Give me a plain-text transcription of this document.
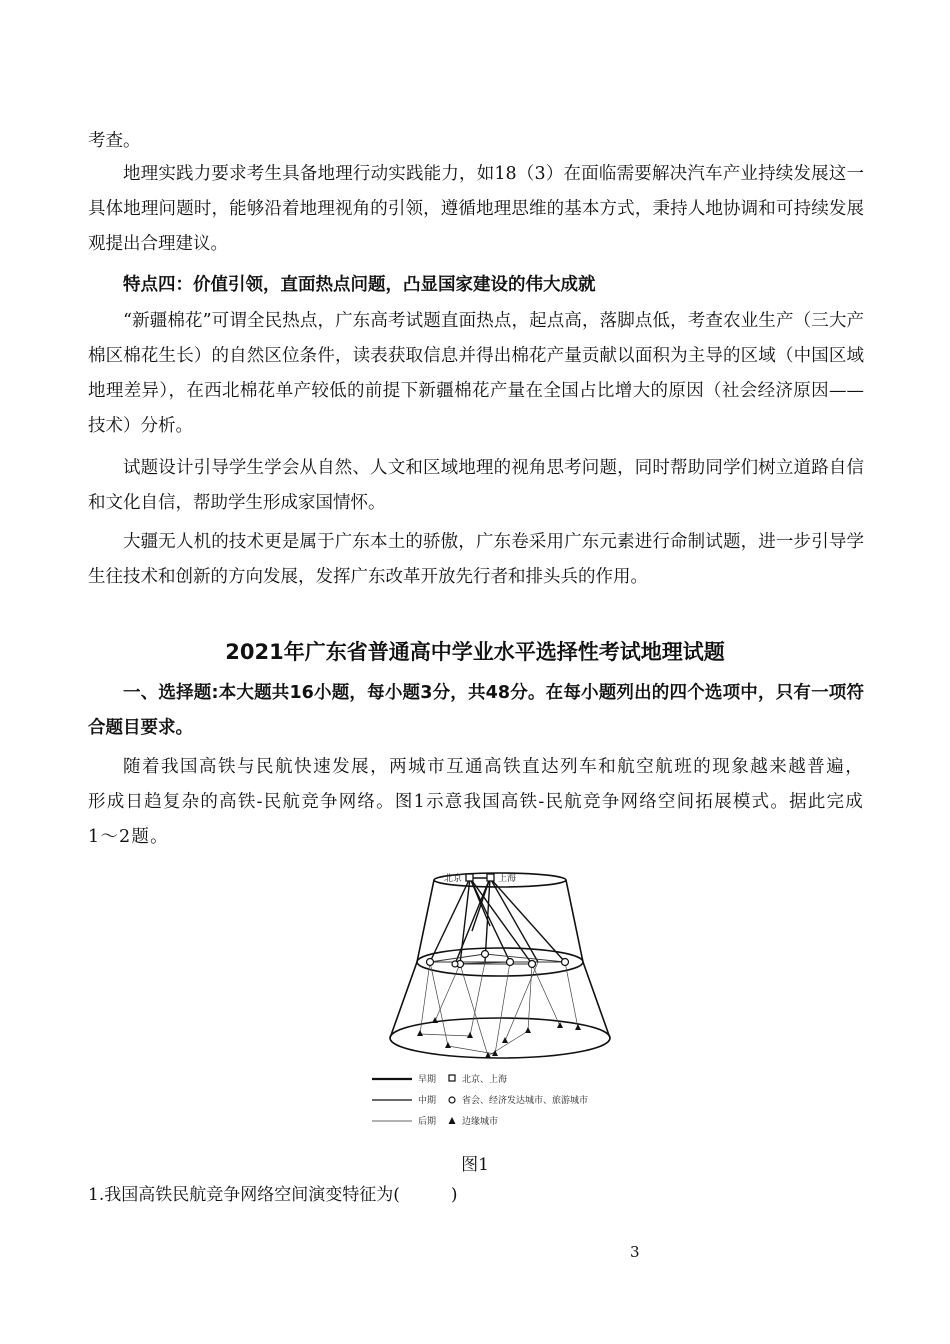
考查。

地理实践力要求考生具备地理行动实践能力，如18（3）在面临需要解决汽车产业持续发展这一具体地理问题时，能够沿着地理视角的引领，遵循地理思维的基本方式，秉持人地协调和可持续发展观提出合理建议。

特点四：价值引领，直面热点问题，凸显国家建设的伟大成就

“新疆棉花”可谓全民热点，广东高考试题直面热点，起点高，落脚点低，考查农业生产（三大产棉区棉花生长）的自然区位条件，读表获取信息并得出棉花产量贡献以面积为主导的区域（中国区域地理差异），在西北棉花单产较低的前提下新疆棉花产量在全国占比增大的原因（社会经济原因——技术）分析。

试题设计引导学生学会从自然、人文和区域地理的视角思考问题，同时帮助同学们树立道路自信和文化自信，帮助学生形成家国情怀。

大疆无人机的技术更是属于广东本土的骄傲，广东卷采用广东元素进行命制试题，进一步引导学生往技术和创新的方向发展，发挥广东改革开放先行者和排头兵的作用。

2021年广东省普通高中学业水平选择性考试地理试题

一、选择题:本大题共16小题，每小题3分，共48分。在每小题列出的四个选项中，只有一项符合题目要求。

随着我国高铁与民航快速发展，两城市互通高铁直达列车和航空航班的现象越来越普遍，形成日趋复杂的高铁-民航竞争网络。图1示意我国高铁-民航竞争网络空间拓展模式。据此完成1～2题。

北京	上海
早期	北京、上海
中期	省会、经济发达城市、旅游城市
后期	边缘城市
图1
1.我国高铁民航竞争网络空间演变特征为(　　　)
3
